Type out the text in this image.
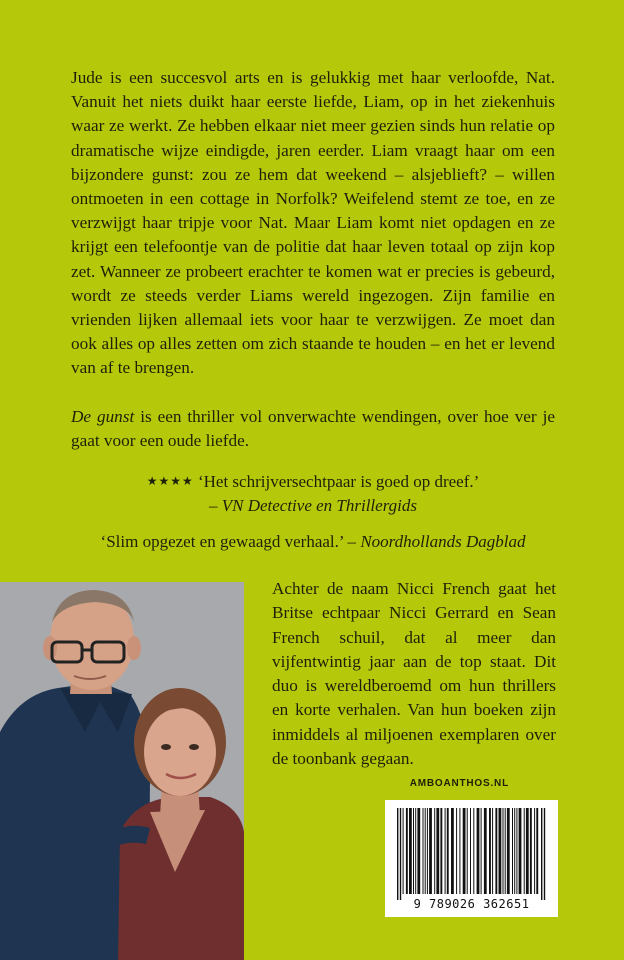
Jude is een succesvol arts en is gelukkig met haar verloofde, Nat. Vanuit het niets duikt haar eerste liefde, Liam, op in het ziekenhuis waar ze werkt. Ze hebben elkaar niet meer gezien sinds hun relatie op dramatische wijze eindigde, jaren eerder. Liam vraagt haar om een bijzondere gunst: zou ze hem dat weekend – alsjeblieft? – willen ontmoeten in een cottage in Norfolk? Weifelend stemt ze toe, en ze verzwijgt haar tripje voor Nat. Maar Liam komt niet opdagen en ze krijgt een telefoontje van de politie dat haar leven totaal op zijn kop zet. Wanneer ze probeert erachter te komen wat er precies is gebeurd, wordt ze steeds verder Liams wereld ingezogen. Zijn familie en vrienden lijken allemaal iets voor haar te verzwijgen. Ze moet dan ook alles op alles zetten om zich staande te houden – en het er levend van af te brengen.

De gunst is een thriller vol onverwachte wendingen, over hoe ver je gaat voor een oude liefde.

★★★★ ‘Het schrijversechtpaar is goed op dreef.’
– VN Detective en Thrillergids
‘Slim opgezet en gewaagd verhaal.’ – Noordhollands Dagblad

Achter de naam Nicci French gaat het Britse echtpaar Nicci Gerrard en Sean French schuil, dat al meer dan vijfentwintig jaar aan de top staat. Dit duo is wereldberoemd om hun thrillers en korte verhalen. Van hun boeken zijn inmiddels al miljoenen exemplaren over de toonbank gegaan.

AMBOANTHOS.NL
9 789026 362651
